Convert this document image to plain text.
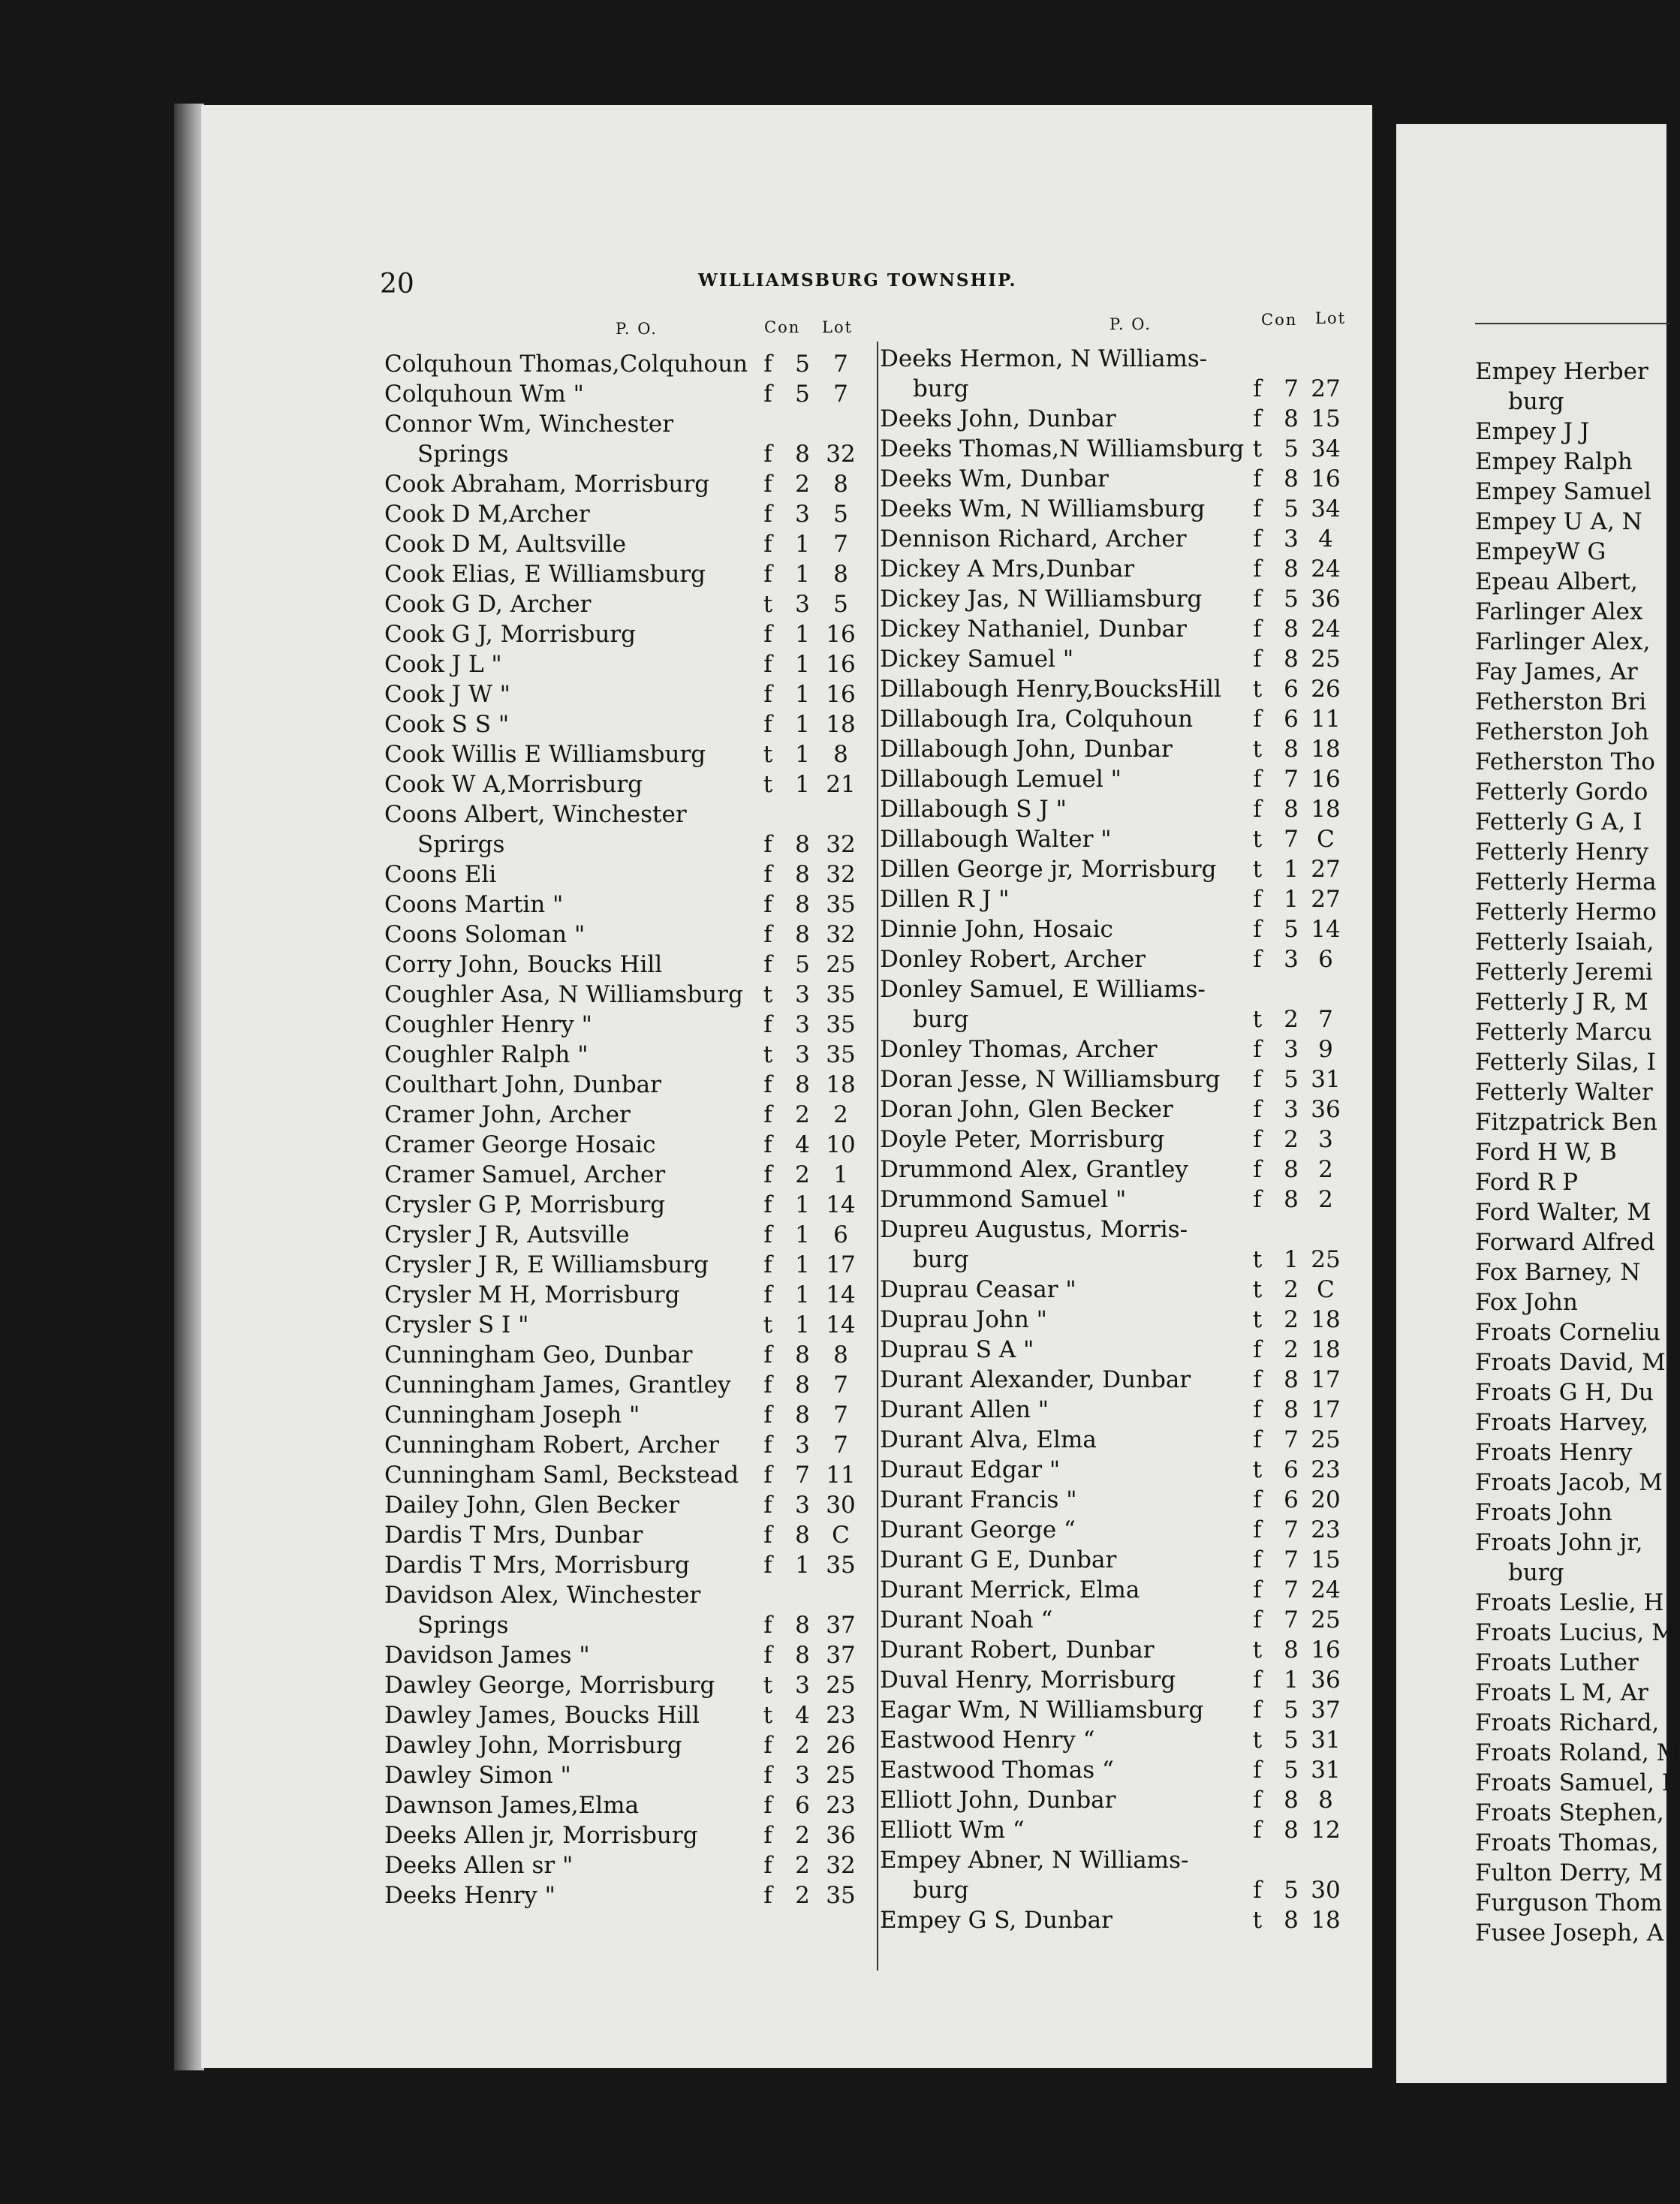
Empey Herber
burg
Empey J J
Empey Ralph
Empey Samuel
Empey U A, N
EmpeyW G
Epeau Albert,
Farlinger Alex
Farlinger Alex,
Fay James, Ar
Fetherston Bri
Fetherston Joh
Fetherston Tho
Fetterly Gordo
Fetterly G A, I
Fetterly Henry
Fetterly Herma
Fetterly Hermo
Fetterly Isaiah,
Fetterly Jeremi
Fetterly J R, M
Fetterly Marcu
Fetterly Silas, I
Fetterly Walter
Fitzpatrick Ben
Ford H W, B
Ford R P
Ford Walter, M
Forward Alfred
Fox Barney, N
Fox John
Froats Corneliu
Froats David, M
Froats G H, Du
Froats Harvey,
Froats Henry
Froats Jacob, M
Froats John
Froats John jr,
burg
Froats Leslie, H
Froats Lucius, M
Froats Luther
Froats L M, Ar
Froats Richard,
Froats Roland, M
Froats Samuel, I
Froats Stephen,
Froats Thomas,
Fulton Derry, M
Furguson Thom
Fusee Joseph, A
20	WILLIAMSBURG TOWNSHIP.
P. O.	Con Lot	P. O.	Con Lot
Colquhoun Thomas,Colquhoun f 5	7
Colquhoun Wm "	f 5	7
Connor Wm, Winchester
Springs	f 8 32
Cook Abraham, Morrisburg f 2	8
Cook D M,Archer	f 3	5
Cook D M, Aultsville	f 1	7
Cook Elias, E Williamsburg f 1	8
Cook G D, Archer	t 3	5
Cook G J, Morrisburg	f 1 16
Cook J L "	f 1 16
Cook J W "	f 1 16
Cook S S "	f 1 18
Cook Willis E Williamsburg t 1	8
Cook W A,Morrisburg	t 1 21
Coons Albert, Winchester
Sprirgs	f 8 32
Coons Eli	f 8 32
Coons Martin "	f 8 35
Coons Soloman "	f 8 32
Corry John, Boucks Hill	f 5 25
Coughler Asa, N Williamsburg t 3 35
Coughler Henry "	f 3 35
Coughler Ralph "	t 3 35
Coulthart John, Dunbar	f 8 18
Cramer John, Archer	f 2	2
Cramer George Hosaic	f 4 10
Cramer Samuel, Archer	f 2	1
Crysler G P, Morrisburg	f 1 14
Crysler J R, Autsville	f 1	6
Crysler J R, E Williamsburg f 1 17
Crysler M H, Morrisburg	f 1 14
Crysler S I "	t 1 14
Cunningham Geo, Dunbar	f 8	8
Cunningham James, Grantley f 8	7
Cunningham Joseph "	f 8	7
Cunningham Robert, Archer f 3	7
Cunningham Saml, Beckstead f 7 11
Dailey John, Glen Becker	f 3 30
Dardis T Mrs, Dunbar	f 8 C
Dardis T Mrs, Morrisburg	f 1 35
Davidson Alex, Winchester
Springs	f 8 37
Davidson James "	f 8 37
Dawley George, Morrisburg t 3 25
Dawley James, Boucks Hill	t 4 23
Dawley John, Morrisburg	f 2 26
Dawley Simon "	f 3 25
Dawnson James,Elma	f 6 23
Deeks Allen jr, Morrisburg	f 2 36
Deeks Allen sr "	f 2 32
Deeks Henry "	f 2 35
Deeks Hermon, N Williams-
burg	f 7 27
Deeks John, Dunbar	f 8 15
Deeks Thomas,N Williamsburg t 5 34
Deeks Wm, Dunbar	f 8 16
Deeks Wm, N Williamsburg f 5 34
Dennison Richard, Archer	f 3 4
Dickey A Mrs,Dunbar	f 8 24
Dickey Jas, N Williamsburg f 5 36
Dickey Nathaniel, Dunbar	f 8 24
Dickey Samuel "	f 8 25
Dillabough Henry,BoucksHill t 6 26
Dillabough Ira, Colquhoun	f 6 11
Dillabough John, Dunbar	t 8 18
Dillabough Lemuel "	f 7 16
Dillabough S J "	f 8 18
Dillabough Walter "	t 7 C
Dillen George jr, Morrisburg t 1 27
Dillen R J "	f 1 27
Dinnie John, Hosaic	f 5 14
Donley Robert, Archer	f 3 6
Donley Samuel, E Williams-
burg	t 2 7
Donley Thomas, Archer	f 3 9
Doran Jesse, N Williamsburg f 5 31
Doran John, Glen Becker	f 3 36
Doyle Peter, Morrisburg	f 2 3
Drummond Alex, Grantley	f 8 2
Drummond Samuel "	f 8 2
Dupreu Augustus, Morris-
burg	t 1 25
Duprau Ceasar "	t 2 C
Duprau John "	t 2 18
Duprau S A "	f 2 18
Durant Alexander, Dunbar	f 8 17
Durant Allen "	f 8 17
Durant Alva, Elma	f 7 25
Duraut Edgar "	t 6 23
Durant Francis "	f 6 20
Durant George “	f 7 23
Durant G E, Dunbar	f 7 15
Durant Merrick, Elma	f 7 24
Durant Noah “	f 7 25
Durant Robert, Dunbar	t 8 16
Duval Henry, Morrisburg	f 1 36
Eagar Wm, N Williamsburg f 5 37
Eastwood Henry “	t 5 31
Eastwood Thomas “	f 5 31
Elliott John, Dunbar	f 8 8
Elliott Wm “	f 8 12
Empey Abner, N Williams-
burg	f 5 30
Empey G S, Dunbar	t 8 18
